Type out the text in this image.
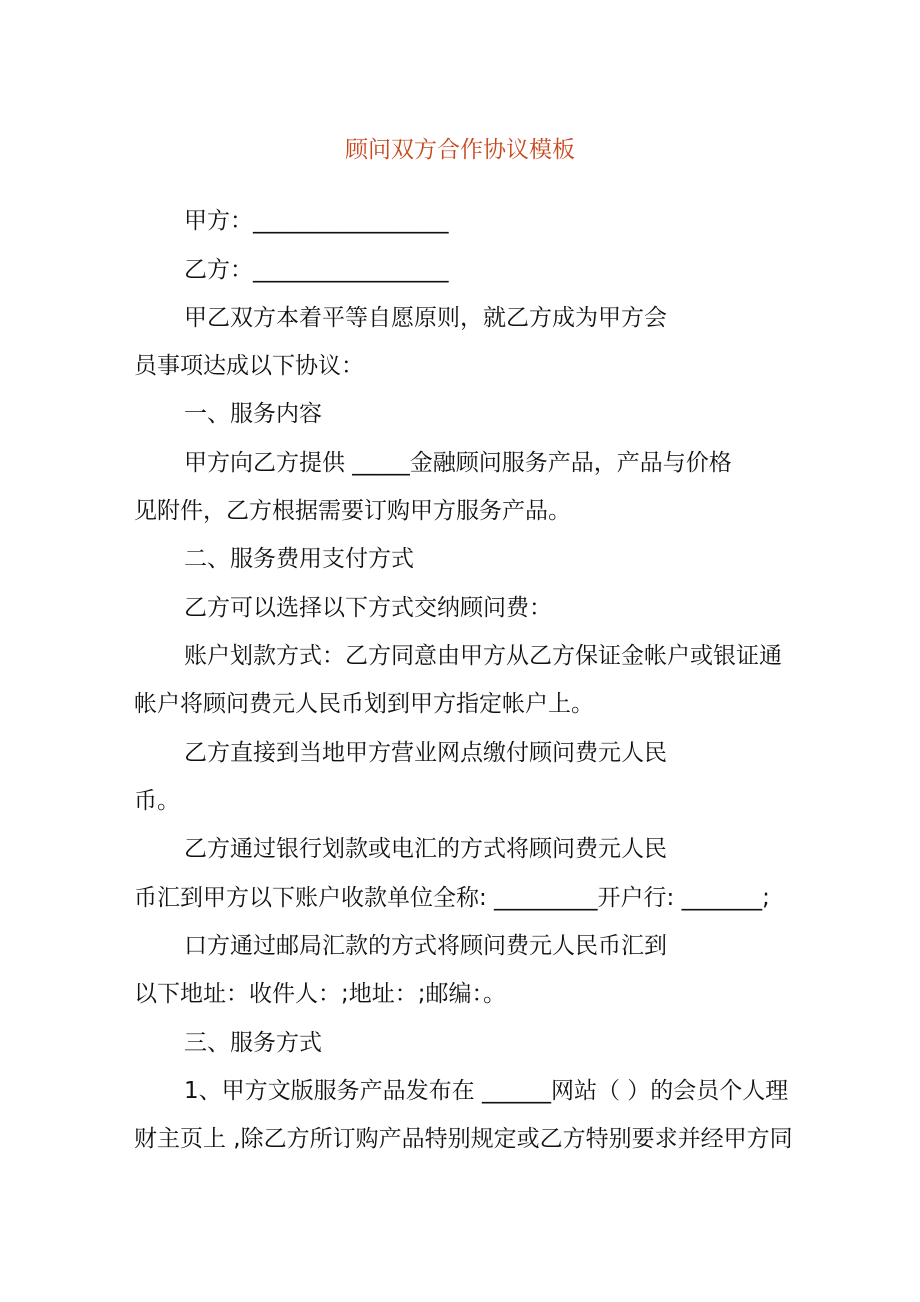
顾问双方合作协议模板
甲方：_________________
乙方：_________________
甲乙双方本着平等自愿原则，就乙方成为甲方会
员事项达成以下协议：
一、服务内容
甲方向乙方提供 _____金融顾问服务产品，产品与价格
见附件，乙方根据需要订购甲方服务产品。
二、服务费用支付方式
乙方可以选择以下方式交纳顾问费：
账户划款方式：乙方同意由甲方从乙方保证金帐户或银证通
帐户将顾问费元人民币划到甲方指定帐户上。
乙方直接到当地甲方营业网点缴付顾问费元人民
币。
乙方通过银行划款或电汇的方式将顾问费元人民
币汇到甲方以下账户收款单位全称: _________开户行: _______;
口方通过邮局汇款的方式将顾问费元人民币汇到
以下地址：收件人：;地址：;邮编：。
三、服务方式
1、甲方文版服务产品发布在 ______网站（ ）的会员个人理
财主页上 ,除乙方所订购产品特别规定或乙方特别要求并经甲方同
